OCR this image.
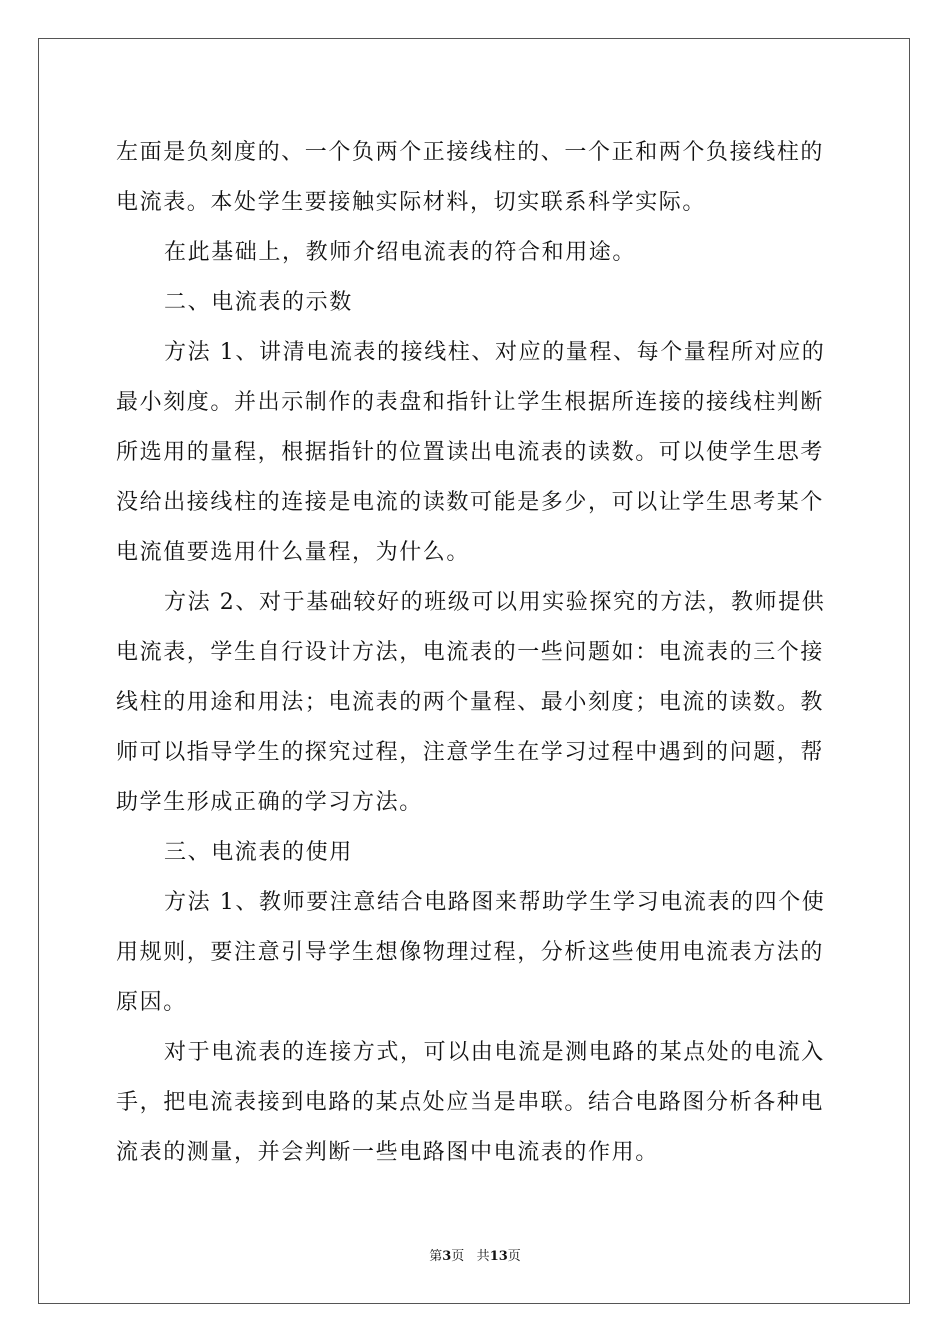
左面是负刻度的、一个负两个正接线柱的、一个正和两个负接线柱的
电流表。本处学生要接触实际材料，切实联系科学实际。
在此基础上，教师介绍电流表的符合和用途。
二、电流表的示数
方法 1、讲清电流表的接线柱、对应的量程、每个量程所对应的
最小刻度。并出示制作的表盘和指针让学生根据所连接的接线柱判断
所选用的量程，根据指针的位置读出电流表的读数。可以使学生思考
没给出接线柱的连接是电流的读数可能是多少，可以让学生思考某个
电流值要选用什么量程，为什么。
方法 2、对于基础较好的班级可以用实验探究的方法，教师提供
电流表，学生自行设计方法，电流表的一些问题如：电流表的三个接
线柱的用途和用法；电流表的两个量程、最小刻度；电流的读数。教
师可以指导学生的探究过程，注意学生在学习过程中遇到的问题，帮
助学生形成正确的学习方法。
三、电流表的使用
方法 1、教师要注意结合电路图来帮助学生学习电流表的四个使
用规则，要注意引导学生想像物理过程，分析这些使用电流表方法的
原因。
对于电流表的连接方式，可以由电流是测电路的某点处的电流入
手，把电流表接到电路的某点处应当是串联。结合电路图分析各种电
流表的测量，并会判断一些电路图中电流表的作用。
第3页 共13页
